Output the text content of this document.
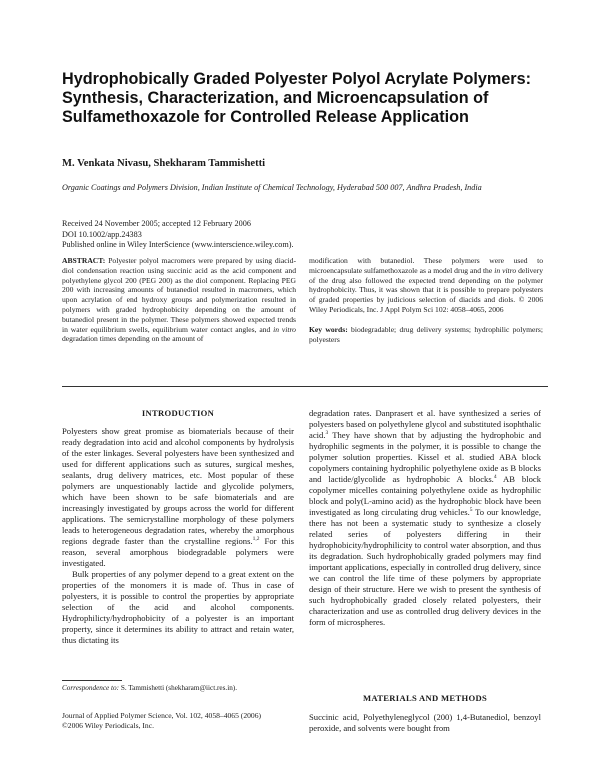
Hydrophobically Graded Polyester Polyol Acrylate Polymers: Synthesis, Characterization, and Microencapsulation of Sulfamethoxazole for Controlled Release Application
M. Venkata Nivasu, Shekharam Tammishetti
Organic Coatings and Polymers Division, Indian Institute of Chemical Technology, Hyderabad 500 007, Andhra Pradesh, India
Received 24 November 2005; accepted 12 February 2006
DOI 10.1002/app.24383
Published online in Wiley InterScience (www.interscience.wiley.com).
ABSTRACT: Polyester polyol macromers were prepared by using diacid-diol condensation reaction using succinic acid as the acid component and polyethylene glycol 200 (PEG 200) as the diol component. Replacing PEG 200 with increasing amounts of butanediol resulted in macromers, which upon acrylation of end hydroxy groups and polymerization resulted in polymers with graded hydrophobicity depending on the amount of butanediol present in the polymer. These polymers showed expected trends in water equilibrium swells, equilibrium water contact angles, and in vitro degradation times depending on the amount of
modification with butanediol. These polymers were used to microencapsulate sulfamethoxazole as a model drug and the in vitro delivery of the drug also followed the expected trend depending on the polymer hydrophobicity. Thus, it was shown that it is possible to prepare polyesters of graded properties by judicious selection of diacids and diols. © 2006 Wiley Periodicals, Inc. J Appl Polym Sci 102: 4058–4065, 2006
Key words: biodegradable; drug delivery systems; hydrophilic polymers; polyesters
INTRODUCTION

Polyesters show great promise as biomaterials because of their ready degradation into acid and alcohol components by hydrolysis of the ester linkages. Several polyesters have been synthesized and used for different applications such as sutures, surgical meshes, sealants, drug delivery matrices, etc. Most popular of these polymers are unquestionably lactide and glycolide polymers, which have been shown to be safe biomaterials and are increasingly investigated by groups across the world for different applications. The semicrystalline morphology of these polymers leads to heterogeneous degradation rates, whereby the amorphous regions degrade faster than the crystalline regions.$^{1,2}$ For this reason, several amorphous biodegradable polymers were investigated.

Bulk properties of any polymer depend to a great extent on the properties of the monomers it is made of. Thus in case of polyesters, it is possible to control the properties by appropriate selection of the acid and alcohol components. Hydrophilicty/hydrophobicity of a polyester is an important property, since it determines its ability to attract and retain water, thus dictating its

degradation rates. Danprasert et al. have synthesized a series of polyesters based on polyethylene glycol and substituted isophthalic acid.$^3$ They have shown that by adjusting the hydrophobic and hydrophilic segments in the polymer, it is possible to change the polymer solution properties. Kissel et al. studied ABA block copolymers containing hydrophilic polyethylene oxide as B blocks and lactide/glycolide as hydrophobic A blocks.$^4$ AB block copolymer micelles containing polyethylene oxide as hydrophilic block and poly(L-amino acid) as the hydrophobic block have been investigated as long circulating drug vehicles.$^5$ To our knowledge, there has not been a systematic study to synthesize a closely related series of polyesters differing in their hydrophobicity/hydrophilicity to control water absorption, and thus its degradation. Such hydrophobically graded polymers may find important applications, especially in controlled drug delivery, since we can control the life time of these polymers by appropriate design of their structure. Here we wish to present the synthesis of such hydrophobically graded closely related polyesters, their characterization and use as controlled drug delivery devices in the form of microspheres.

MATERIALS AND METHODS
Succinic acid, Polyethyleneglycol (200) 1,4-Butanediol, benzoyl peroxide, and solvents were bought from
Correspondence to: S. Tammishetti (shekharam@iict.res.in).
Journal of Applied Polymer Science, Vol. 102, 4058–4065 (2006)
©2006 Wiley Periodicals, Inc.
